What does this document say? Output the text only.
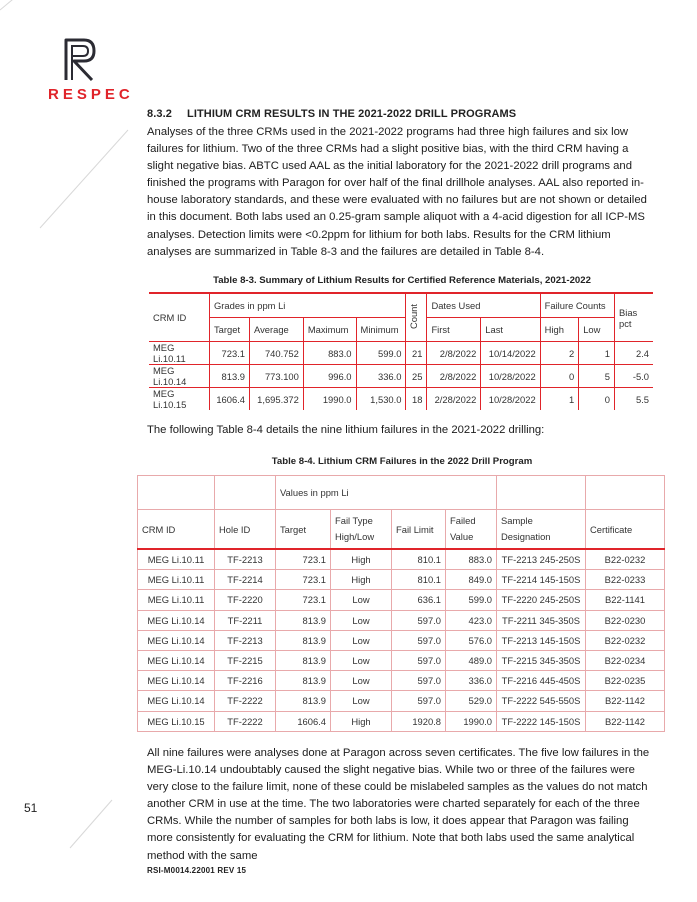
RESPEC
8.3.2 LITHIUM CRM RESULTS IN THE 2021-2022 DRILL PROGRAMS
Analyses of the three CRMs used in the 2021-2022 programs had three high failures and six low failures for lithium. Two of the three CRMs had a slight positive bias, with the third CRM having a slight negative bias. ABTC used AAL as the initial laboratory for the 2021-2022 drill programs and finished the programs with Paragon for over half of the final drillhole analyses. AAL also reported in-house laboratory standards, and these were evaluated with no failures but are not shown or detailed in this document. Both labs used an 0.25-gram sample aliquot with a 4-acid digestion for all ICP-MS analyses. Detection limits were <0.2ppm for lithium for both labs. Results for the CRM lithium analyses are summarized in Table 8-3 and the failures are detailed in Table 8-4.
Table 8-3. Summary of Lithium Results for Certified Reference Materials, 2021-2022
CRM ID	Grades in ppm Li				Count	Dates Used		Failure Counts		Bias pct
	Target	Average	Maximum	Minimum		First	Last	High	Low	
MEG Li.10.11	723.1	740.752	883.0	599.0	21	2/8/2022	10/14/2022	2	1	2.4
MEG Li.10.14	813.9	773.100	996.0	336.0	25	2/8/2022	10/28/2022	0	5	-5.0
MEG Li.10.15	1606.4	1,695.372	1990.0	1,530.0	18	2/28/2022	10/28/2022	1	0	5.5
The following Table 8-4 details the nine lithium failures in the 2021-2022 drilling:
Table 8-4. Lithium CRM Failures in the 2022 Drill Program
		Values in ppm Li					
CRM ID	Hole ID	Target	Fail Type High/Low	Fail Limit	Failed Value	Sample Designation	Certificate
MEG Li.10.11	TF-2213	723.1	High	810.1	883.0	TF-2213 245-250S	B22-0232
MEG Li.10.11	TF-2214	723.1	High	810.1	849.0	TF-2214 145-150S	B22-0233
MEG Li.10.11	TF-2220	723.1	Low	636.1	599.0	TF-2220 245-250S	B22-1141
MEG Li.10.14	TF-2211	813.9	Low	597.0	423.0	TF-2211 345-350S	B22-0230
MEG Li.10.14	TF-2213	813.9	Low	597.0	576.0	TF-2213 145-150S	B22-0232
MEG Li.10.14	TF-2215	813.9	Low	597.0	489.0	TF-2215 345-350S	B22-0234
MEG Li.10.14	TF-2216	813.9	Low	597.0	336.0	TF-2216 445-450S	B22-0235
MEG Li.10.14	TF-2222	813.9	Low	597.0	529.0	TF-2222 545-550S	B22-1142
MEG Li.10.15	TF-2222	1606.4	High	1920.8	1990.0	TF-2222 145-150S	B22-1142
All nine failures were analyses done at Paragon across seven certificates. The five low failures in the MEG-Li.10.14 undoubtably caused the slight negative bias. While two or three of the failures were very close to the failure limit, none of these could be mislabeled samples as the values do not match another CRM in use at the time. The two laboratories were charted separately for each of the three CRMs. While the number of samples for both labs is low, it does appear that Paragon was failing more consistently for evaluating the CRM for lithium. Note that both labs used the same analytical method with the same
51
RSI-M0014.22001 REV 15
